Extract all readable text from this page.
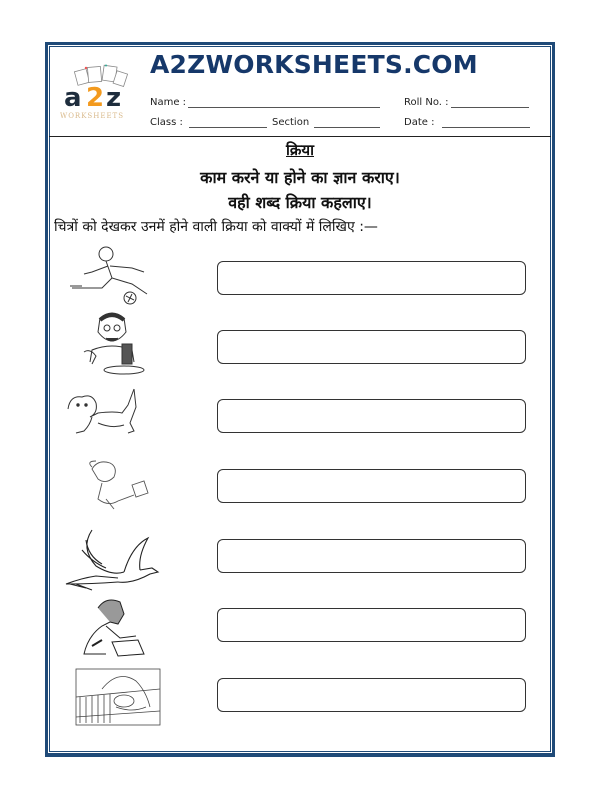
a 2 z
WORKSHEETS
A2ZWORKSHEETS.COM
Name :	Roll No. :
Class :	Section	Date :
क्रिया
काम करने या होने का ज्ञान कराए।
वही शब्द क्रिया कहलाए।
चित्रों को देखकर उनमें होने वाली क्रिया को वाक्यों में लिखिए :—
